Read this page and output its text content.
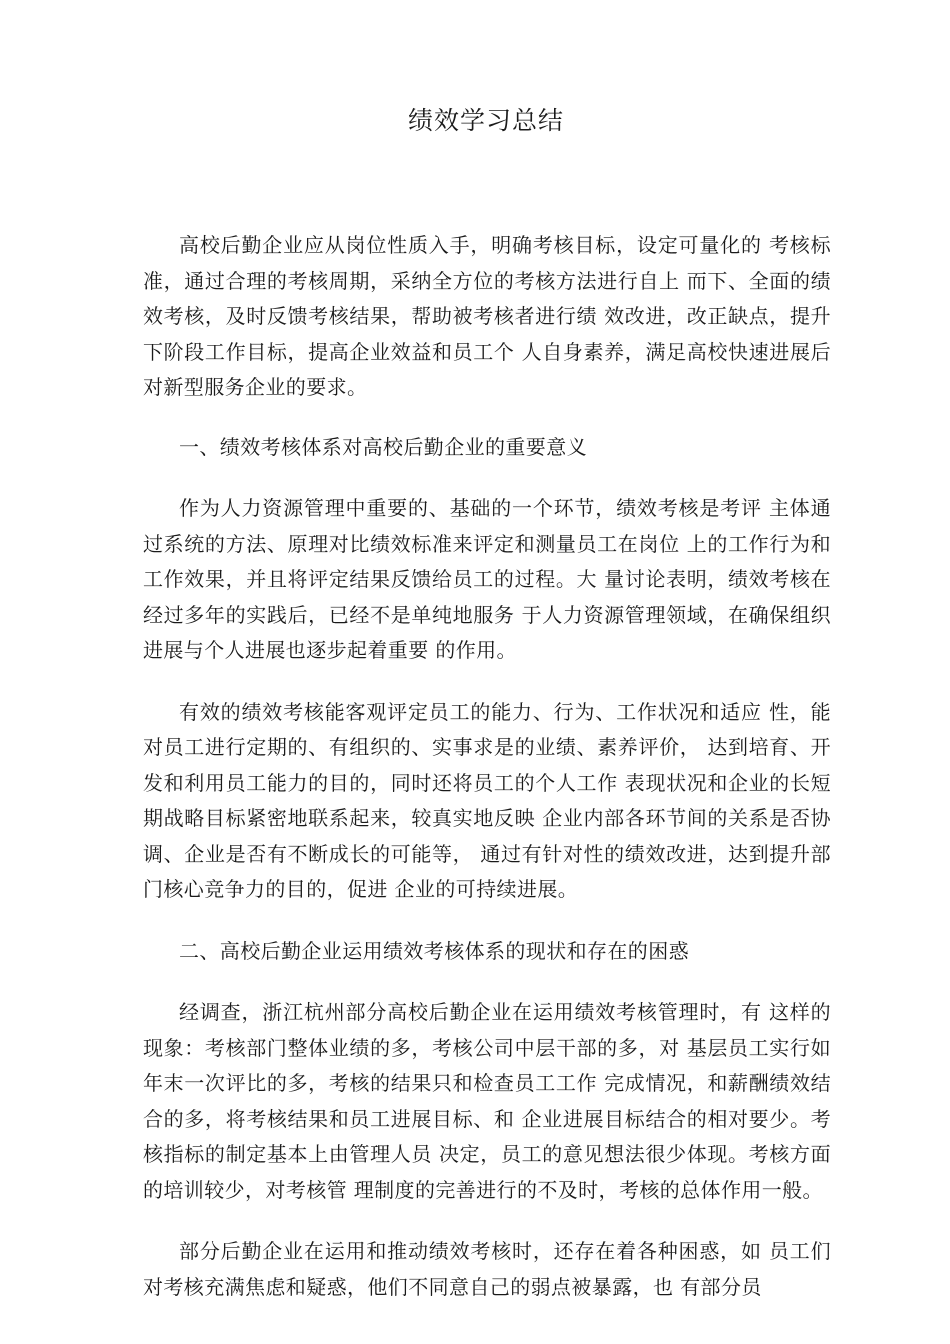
绩效学习总结

高校后勤企业应从岗位性质入手，明确考核目标，设定可量化的 考核标准，通过合理的考核周期，采纳全方位的考核方法进行自上 而下、全面的绩效考核，及时反馈考核结果，帮助被考核者进行绩 效改进，改正缺点，提升下阶段工作目标，提高企业效益和员工个 人自身素养，满足高校快速进展后对新型服务企业的要求。

一、绩效考核体系对高校后勤企业的重要意义

作为人力资源管理中重要的、基础的一个环节，绩效考核是考评 主体通过系统的方法、原理对比绩效标准来评定和测量员工在岗位 上的工作行为和工作效果，并且将评定结果反馈给员工的过程。大 量讨论表明，绩效考核在经过多年的实践后，已经不是单纯地服务 于人力资源管理领域，在确保组织进展与个人进展也逐步起着重要 的作用。

有效的绩效考核能客观评定员工的能力、行为、工作状况和适应 性，能对员工进行定期的、有组织的、实事求是的业绩、素养评价， 达到培育、开发和利用员工能力的目的，同时还将员工的个人工作 表现状况和企业的长短期战略目标紧密地联系起来，较真实地反映 企业内部各环节间的关系是否协调、企业是否有不断成长的可能等， 通过有针对性的绩效改进，达到提升部门核心竞争力的目的，促进 企业的可持续进展。

二、高校后勤企业运用绩效考核体系的现状和存在的困惑

经调查，浙江杭州部分高校后勤企业在运用绩效考核管理时，有 这样的现象：考核部门整体业绩的多，考核公司中层干部的多，对 基层员工实行如年末一次评比的多，考核的结果只和检查员工工作 完成情况，和薪酬绩效结合的多，将考核结果和员工进展目标、和 企业进展目标结合的相对要少。考核指标的制定基本上由管理人员 决定，员工的意见想法很少体现。考核方面的培训较少，对考核管 理制度的完善进行的不及时，考核的总体作用一般。

部分后勤企业在运用和推动绩效考核时，还存在着各种困惑，如 员工们对考核充满焦虑和疑惑，他们不同意自己的弱点被暴露，也 有部分员
